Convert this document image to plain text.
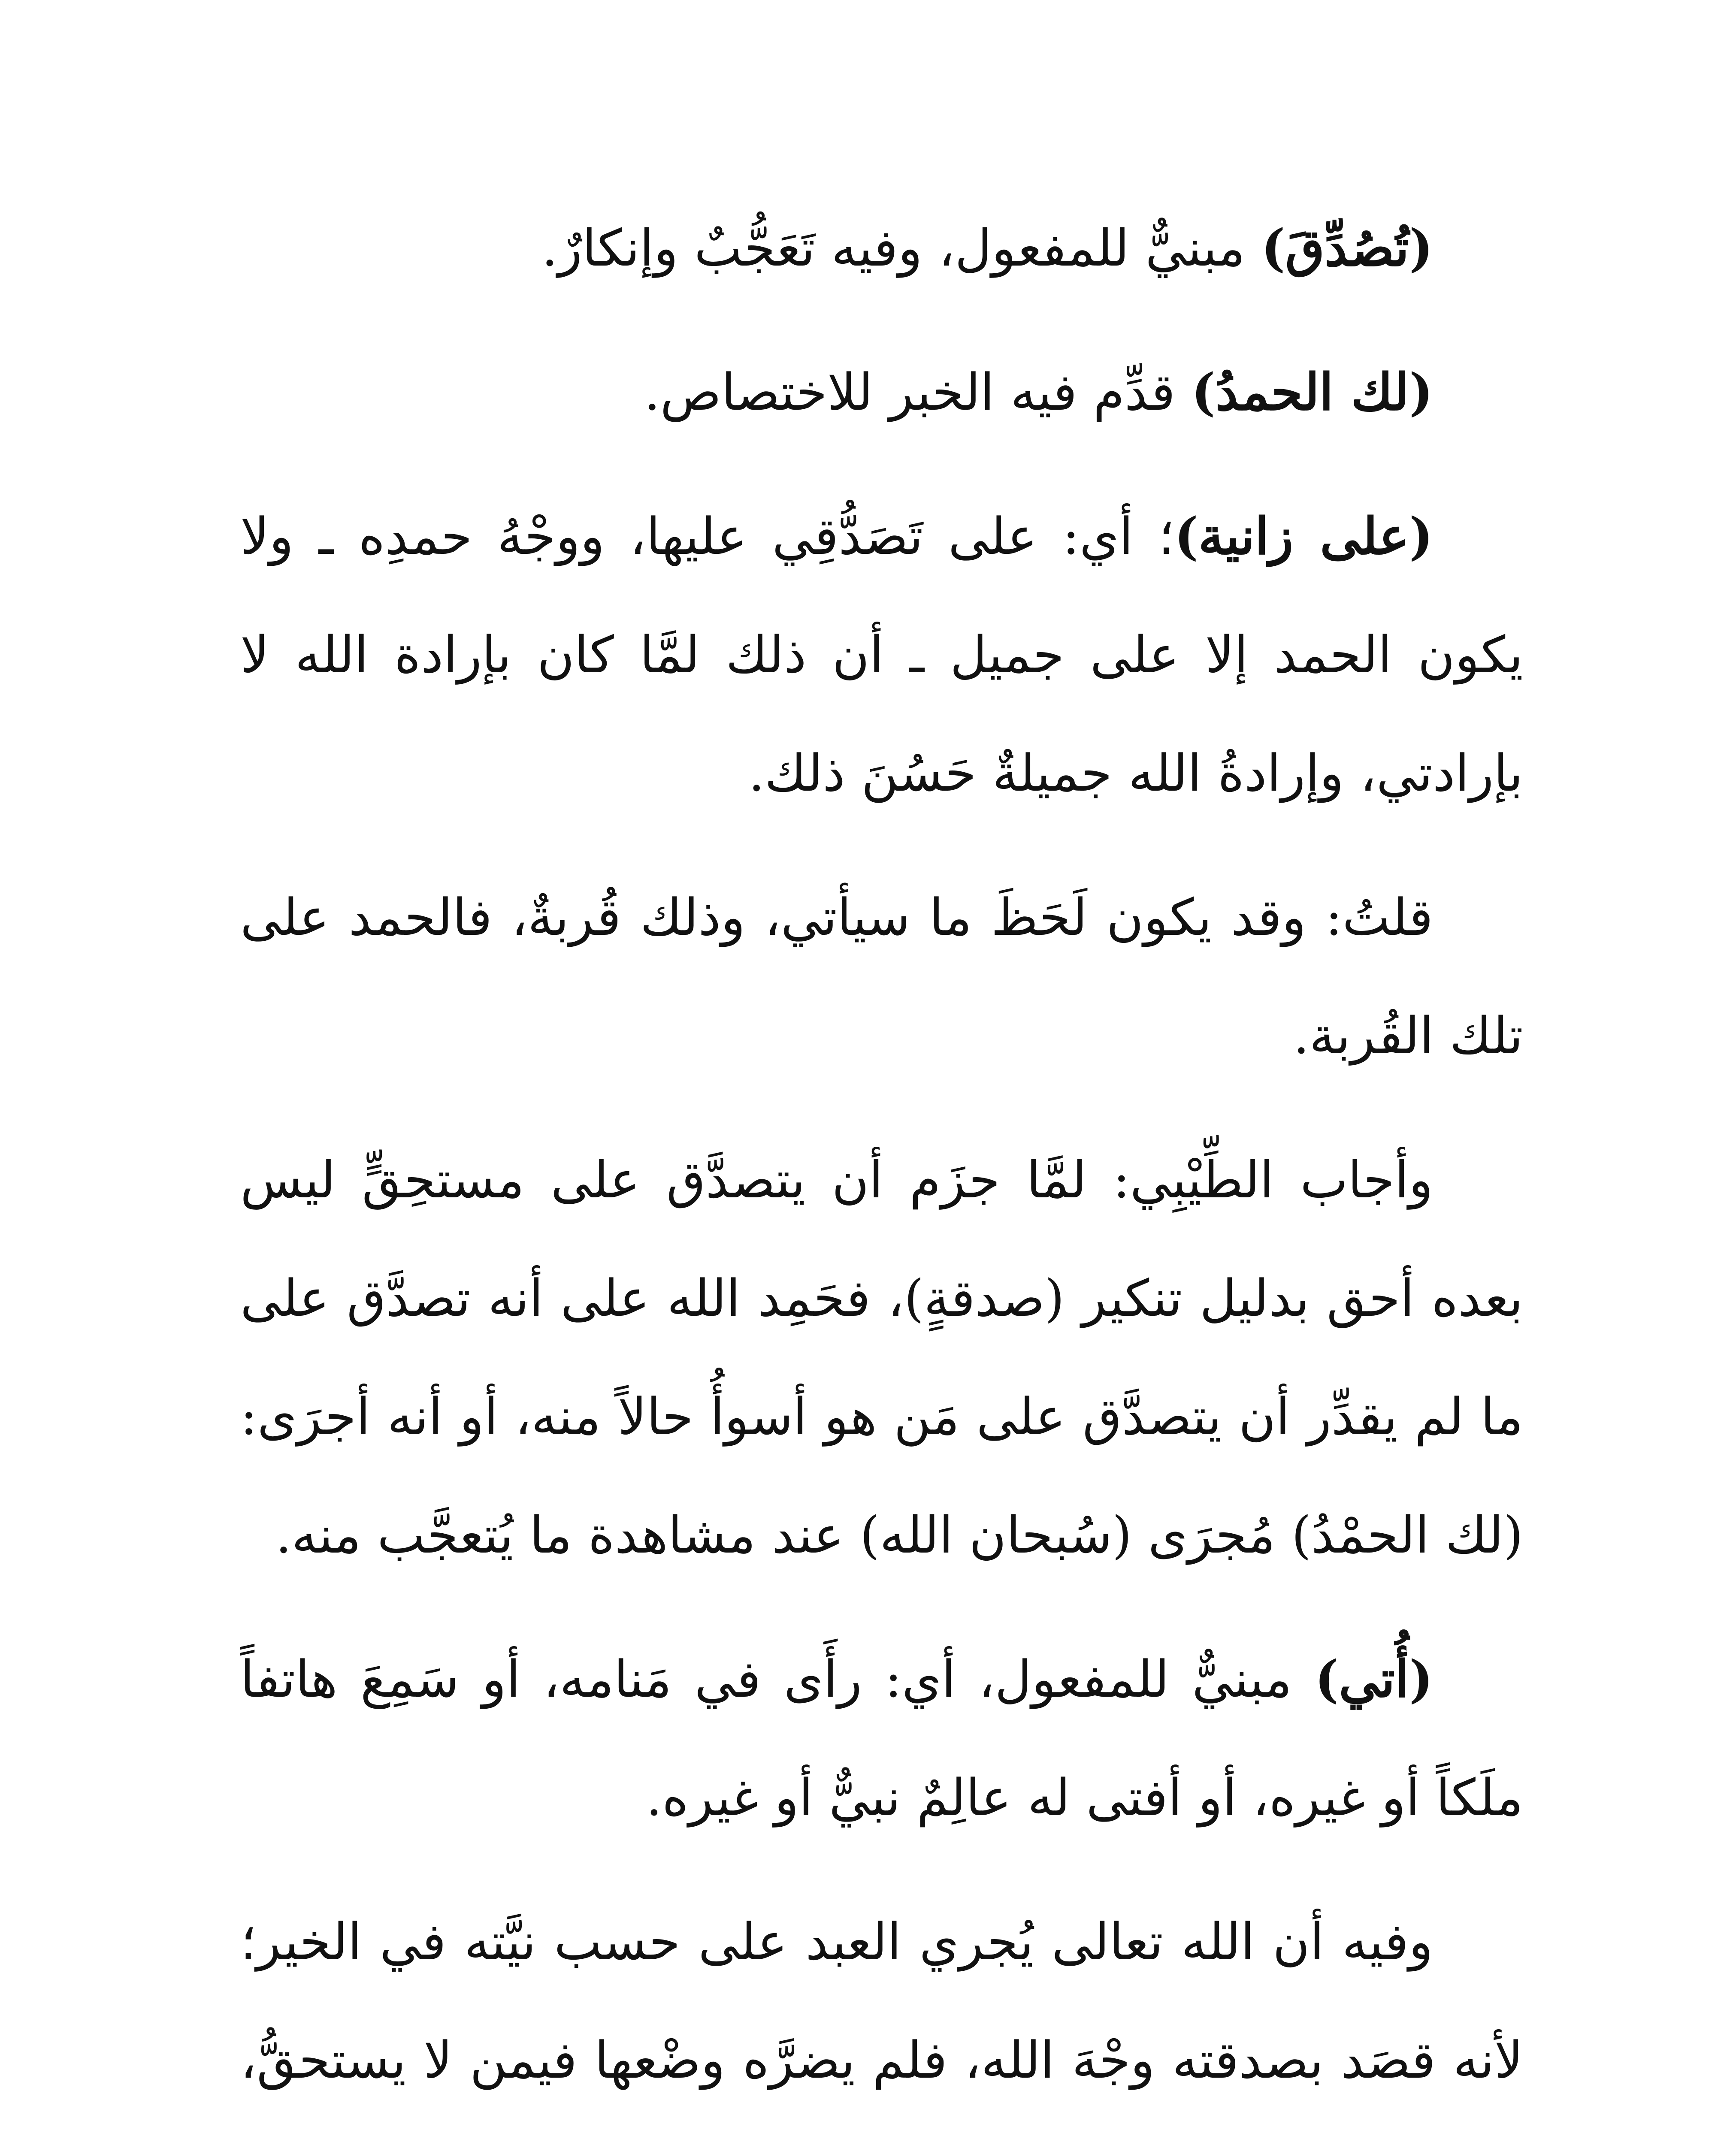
(تُصُدِّقَ) مبنيٌّ للمفعول، وفيه تَعَجُّبٌ وإنكارٌ.

(لك الحمدُ) قدِّم فيه الخبر للاختصاص.

(على زانية)؛ أي: على تَصَدُّقِي عليها، ووجْهُ حمدِه ـ ولا يكون الحمد إلا على جميل ـ أن ذلك لمَّا كان بإرادة الله لا بإرادتي، وإرادةُ الله جميلةٌ حَسُنَ ذلك.

قلتُ: وقد يكون لَحَظَ ما سيأتي، وذلك قُربةٌ، فالحمد على تلك القُربة.

وأجاب الطِّيْبِي: لمَّا جزَم أن يتصدَّق على مستحِقٍّ ليس بعده أحق بدليل تنكير (صدقةٍ)، فحَمِد الله على أنه تصدَّق على ما لم يقدِّر أن يتصدَّق على مَن هو أسوأُ حالاً منه، أو أنه أجرَى: (لك الحمْدُ) مُجرَى (سُبحان الله) عند مشاهدة ما يُتعجَّب منه.

(أُتي) مبنيٌّ للمفعول، أي: رأَى في مَنامه، أو سَمِعَ هاتفاً ملَكاً أو غيره، أو أفتى له عالِمٌ نبيٌّ أو غيره.

وفيه أن الله تعالى يُجري العبد على حسب نيَّته في الخير؛ لأنه قصَد بصدقته وجْهَ الله، فلم يضرَّه وضْعها فيمن لا يستحقُّ،
